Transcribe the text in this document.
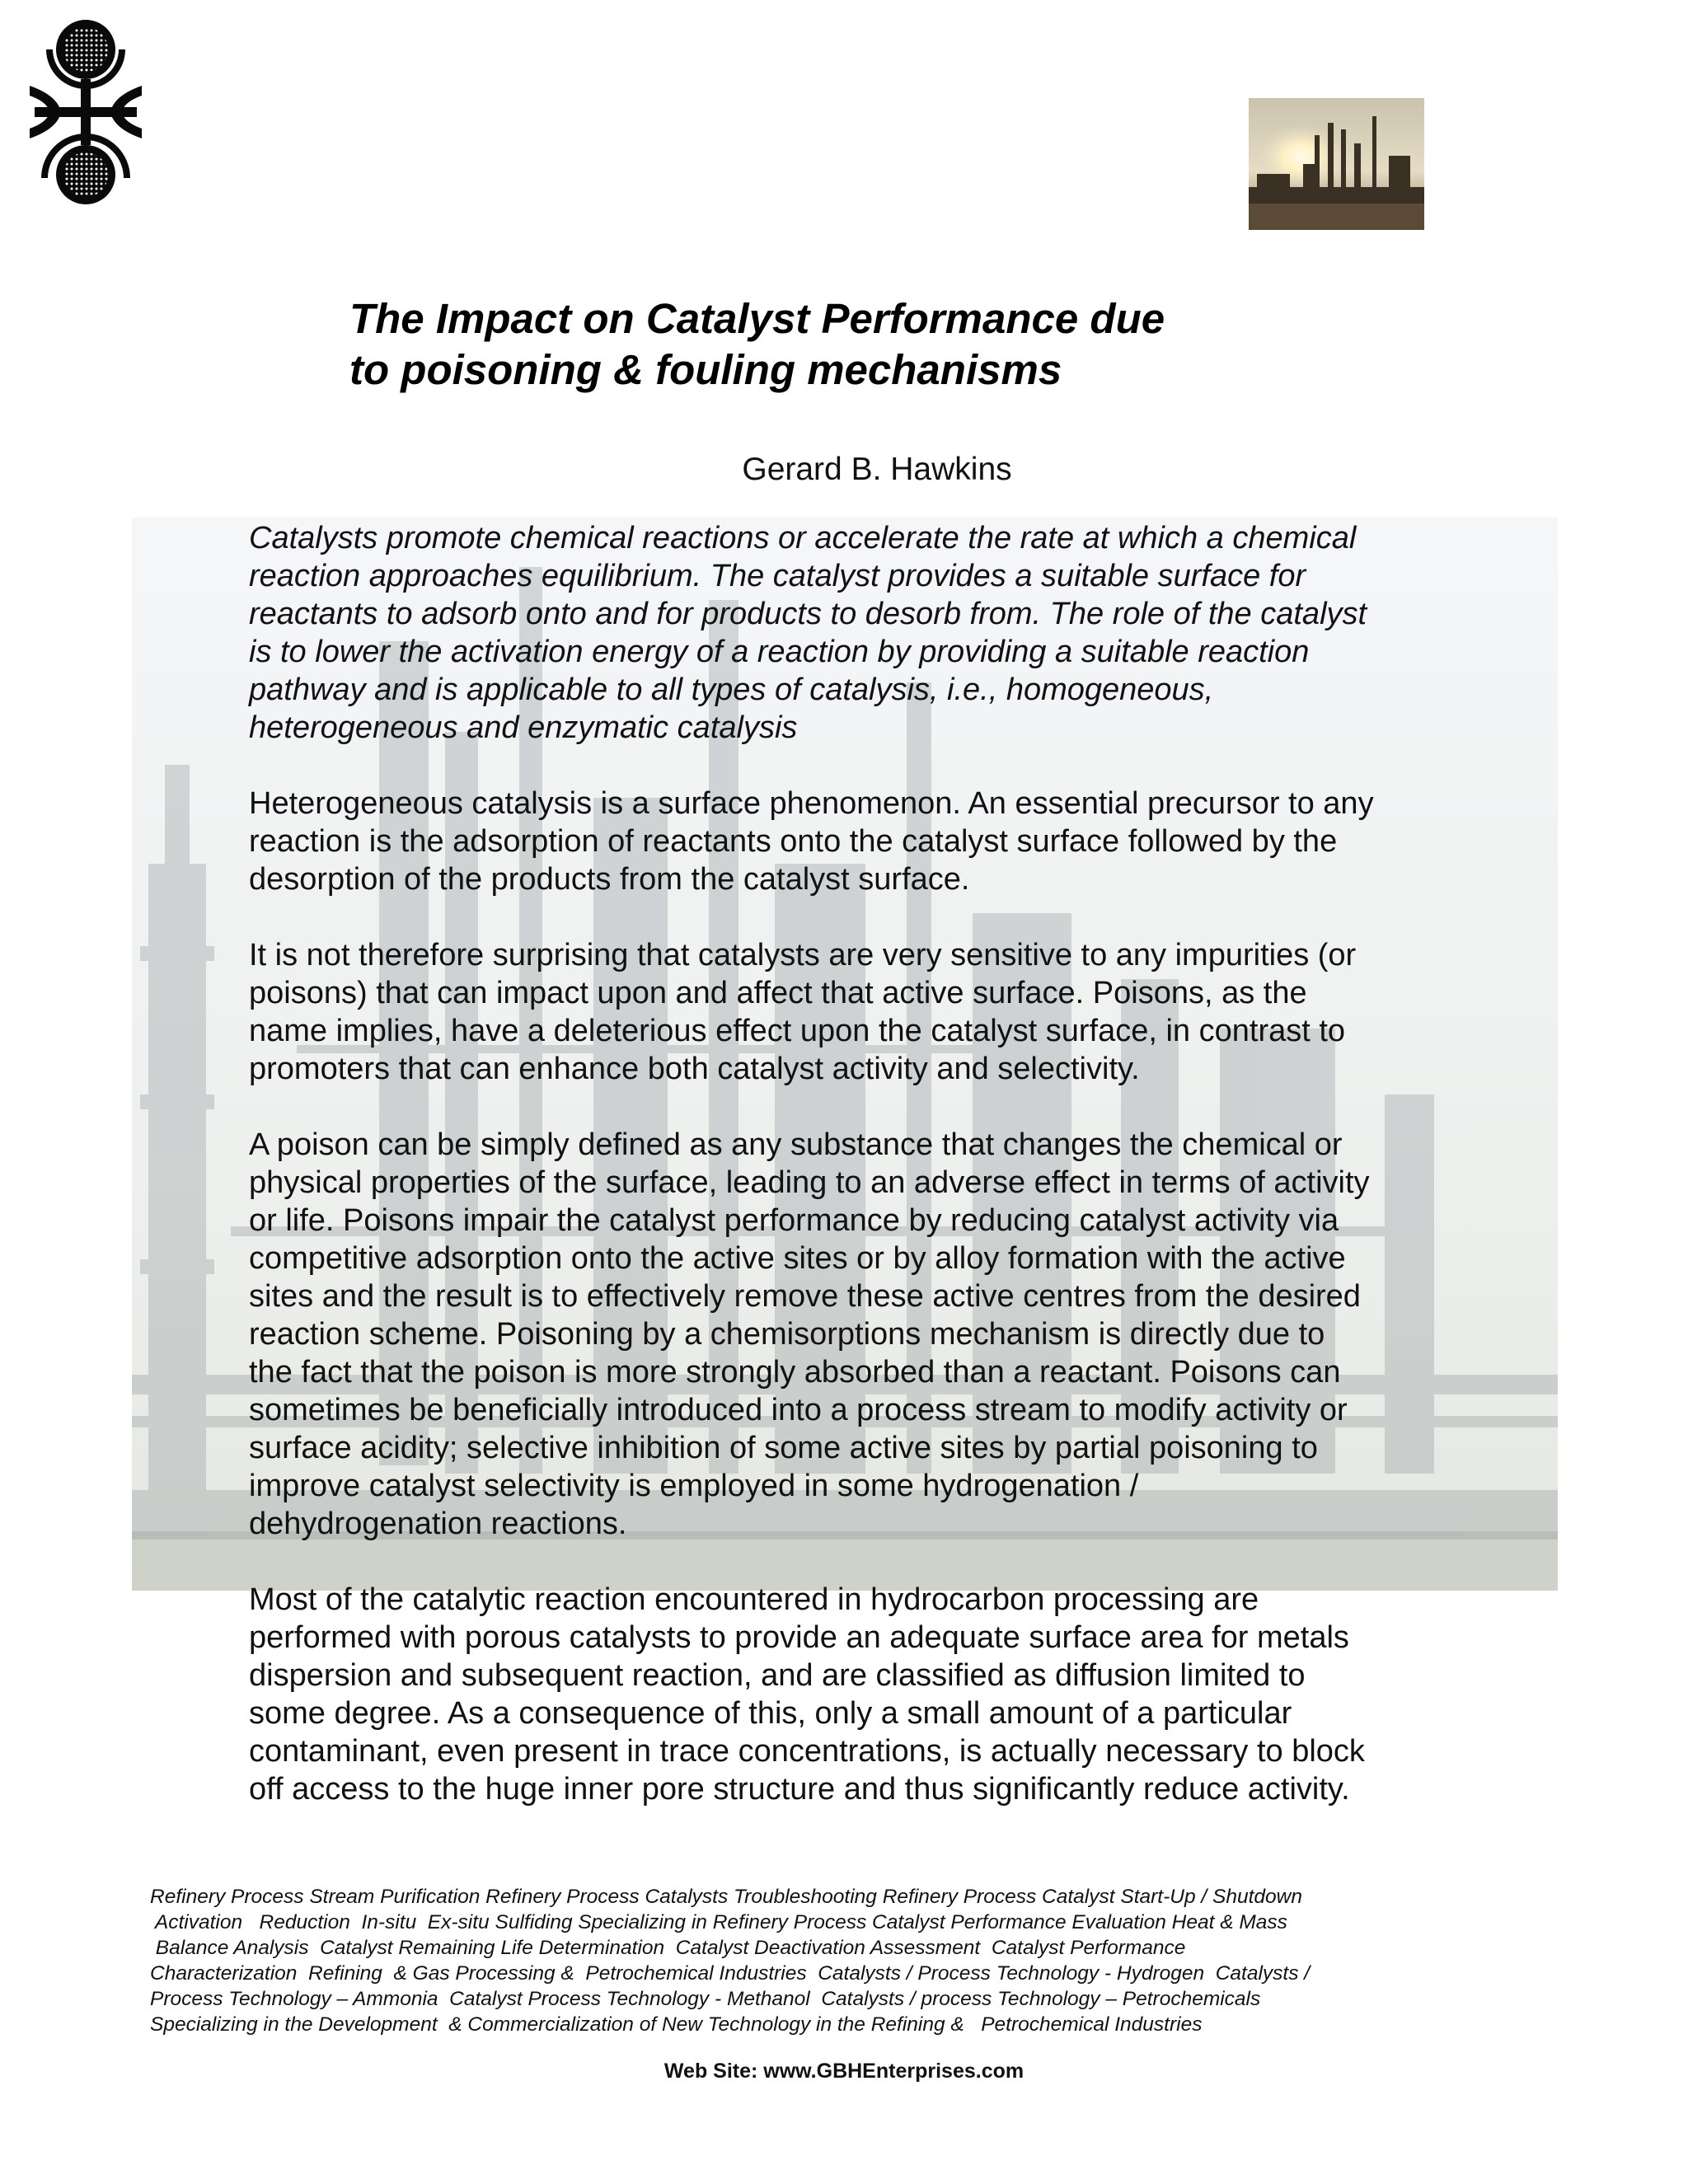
The Impact on Catalyst Performance due
to poisoning & fouling mechanisms
Gerard B. Hawkins

Catalysts promote chemical reactions or accelerate the rate at which a chemical
reaction approaches equilibrium. The catalyst provides a suitable surface for
reactants to adsorb onto and for products to desorb from. The role of the catalyst
is to lower the activation energy of a reaction by providing a suitable reaction
pathway and is applicable to all types of catalysis, i.e., homogeneous,
heterogeneous and enzymatic catalysis

Heterogeneous catalysis is a surface phenomenon. An essential precursor to any
reaction is the adsorption of reactants onto the catalyst surface followed by the
desorption of the products from the catalyst surface.

It is not therefore surprising that catalysts are very sensitive to any impurities (or
poisons) that can impact upon and affect that active surface. Poisons, as the
name implies, have a deleterious effect upon the catalyst surface, in contrast to
promoters that can enhance both catalyst activity and selectivity.

A poison can be simply defined as any substance that changes the chemical or
physical properties of the surface, leading to an adverse effect in terms of activity
or life. Poisons impair the catalyst performance by reducing catalyst activity via
competitive adsorption onto the active sites or by alloy formation with the active
sites and the result is to effectively remove these active centres from the desired
reaction scheme. Poisoning by a chemisorptions mechanism is directly due to
the fact that the poison is more strongly absorbed than a reactant. Poisons can
sometimes be beneficially introduced into a process stream to modify activity or
surface acidity; selective inhibition of some active sites by partial poisoning to
improve catalyst selectivity is employed in some hydrogenation /
dehydrogenation reactions.

Most of the catalytic reaction encountered in hydrocarbon processing are
performed with porous catalysts to provide an adequate surface area for metals
dispersion and subsequent reaction, and are classified as diffusion limited to
some degree. As a consequence of this, only a small amount of a particular
contaminant, even present in trace concentrations, is actually necessary to block
off access to the huge inner pore structure and thus significantly reduce activity.

Refinery Process Stream Purification Refinery Process Catalysts Troubleshooting Refinery Process Catalyst Start-Up / Shutdown
Activation   Reduction  In-situ  Ex-situ Sulfiding Specializing in Refinery Process Catalyst Performance Evaluation Heat & Mass
Balance Analysis  Catalyst Remaining Life Determination  Catalyst Deactivation Assessment  Catalyst Performance
Characterization  Refining  & Gas Processing &  Petrochemical Industries  Catalysts / Process Technology - Hydrogen  Catalysts /
Process Technology – Ammonia  Catalyst Process Technology - Methanol  Catalysts / process Technology – Petrochemicals
Specializing in the Development  & Commercialization of New Technology in the Refining &   Petrochemical Industries
Web Site: www.GBHEnterprises.com
